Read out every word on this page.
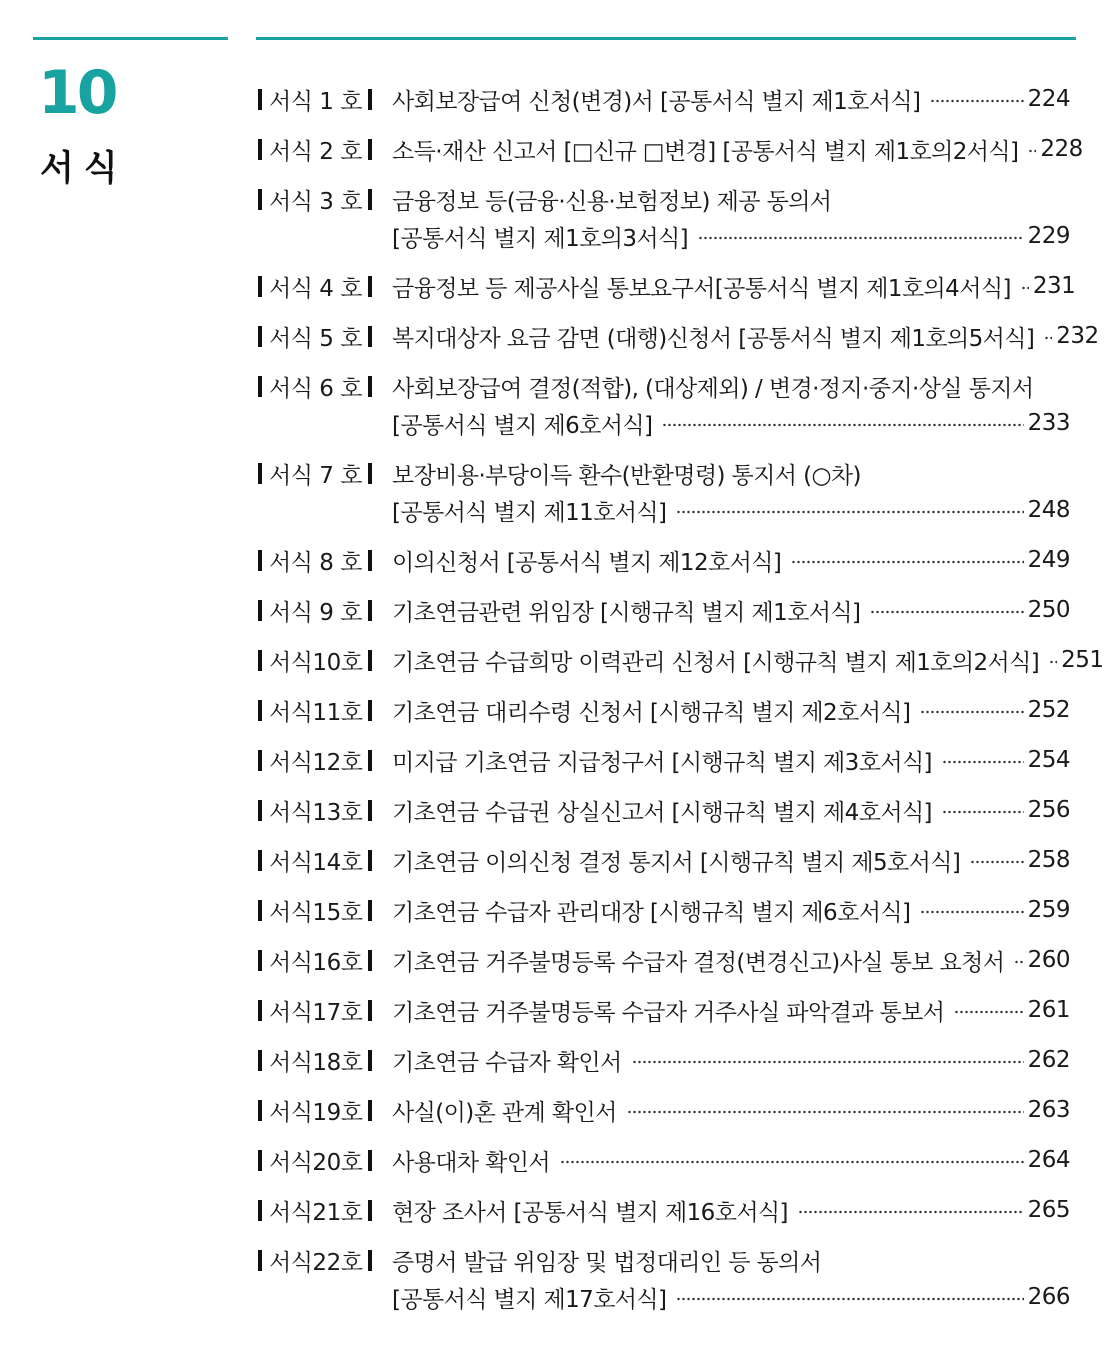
10
서식
서식 1 호 사회보장급여 신청(변경)서 [공통서식 별지 제1호서식]	224
서식 2 호 소득·재산 신고서 [□신규 □변경] [공통서식 별지 제1호의2서식] 228
서식 3 호 금융정보 등(금융·신용·보험정보) 제공 동의서
[공통서식 별지 제1호의3서식]	229
서식 4 호 금융정보 등 제공사실 통보요구서[공통서식 별지 제1호의4서식] 231
서식 5 호 복지대상자 요금 감면 (대행)신청서 [공통서식 별지 제1호의5서식] 232
서식 6 호 사회보장급여 결정(적합), (대상제외) / 변경·정지·중지·상실 통지서
[공통서식 별지 제6호서식]	233
서식 7 호 보장비용·부당이득 환수(반환명령) 통지서 (○차)
[공통서식 별지 제11호서식]	248
서식 8 호 이의신청서 [공통서식 별지 제12호서식]	249
서식 9 호 기초연금관련 위임장 [시행규칙 별지 제1호서식]	250
서식10호 기초연금 수급희망 이력관리 신청서 [시행규칙 별지 제1호의2서식] 251
서식11호 기초연금 대리수령 신청서 [시행규칙 별지 제2호서식]	252
서식12호 미지급 기초연금 지급청구서 [시행규칙 별지 제3호서식]	254
서식13호 기초연금 수급권 상실신고서 [시행규칙 별지 제4호서식]	256
서식14호 기초연금 이의신청 결정 통지서 [시행규칙 별지 제5호서식]	258
서식15호 기초연금 수급자 관리대장 [시행규칙 별지 제6호서식]	259
서식16호 기초연금 거주불명등록 수급자 결정(변경신고)사실 통보 요청서 260
서식17호 기초연금 거주불명등록 수급자 거주사실 파악결과 통보서	261
서식18호 기초연금 수급자 확인서	262
서식19호 사실(이)혼 관계 확인서	263
서식20호 사용대차 확인서	264
서식21호 현장 조사서 [공통서식 별지 제16호서식]	265
서식22호 증명서 발급 위임장 및 법정대리인 등 동의서
[공통서식 별지 제17호서식]	266
